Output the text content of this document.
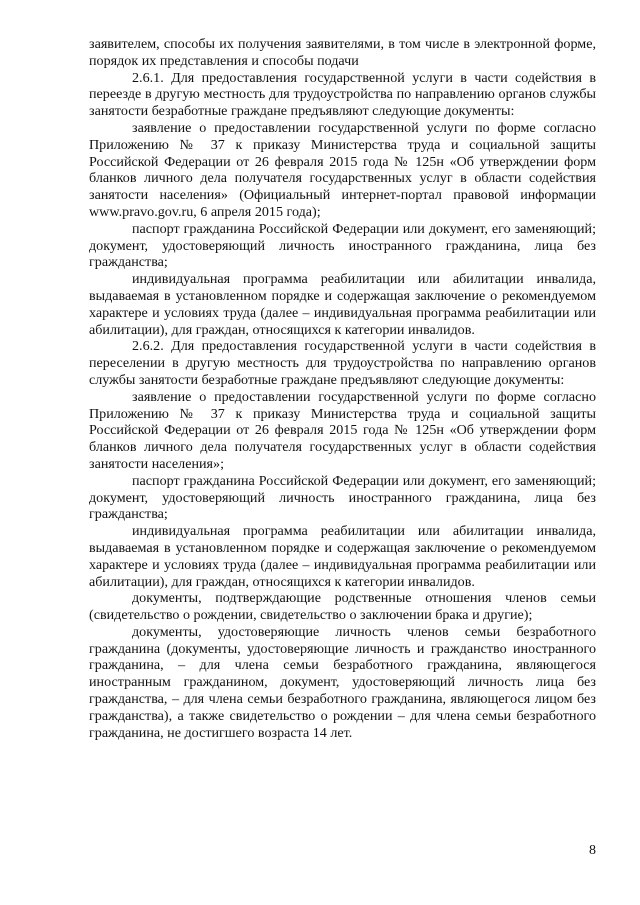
заявителем, способы их получения заявителями, в том числе в электронной форме, порядок их представления и способы подачи

2.6.1. Для предоставления государственной услуги в части содействия в переезде в другую местность для трудоустройства по направлению органов службы занятости безработные граждане предъявляют следующие документы:

заявление о предоставлении государственной услуги по форме согласно Приложению № 37 к приказу Министерства труда и социальной защиты Российской Федерации от 26 февраля 2015 года № 125н «Об утверждении форм бланков личного дела получателя государственных услуг в области содействия занятости населения» (Официальный интернет-портал правовой информации www.pravo.gov.ru, 6 апреля 2015 года);

паспорт гражданина Российской Федерации или документ, его заменяющий; документ, удостоверяющий личность иностранного гражданина, лица без гражданства;

индивидуальная программа реабилитации или абилитации инвалида, выдаваемая в установленном порядке и содержащая заключение о рекомендуемом характере и условиях труда (далее – индивидуальная программа реабилитации или абилитации), для граждан, относящихся к категории инвалидов.

2.6.2. Для предоставления государственной услуги в части содействия в переселении в другую местность для трудоустройства по направлению органов службы занятости безработные граждане предъявляют следующие документы:

заявление о предоставлении государственной услуги по форме согласно Приложению № 37 к приказу Министерства труда и социальной защиты Российской Федерации от 26 февраля 2015 года № 125н «Об утверждении форм бланков личного дела получателя государственных услуг в области содействия занятости населения»;

паспорт гражданина Российской Федерации или документ, его заменяющий; документ, удостоверяющий личность иностранного гражданина, лица без гражданства;

индивидуальная программа реабилитации или абилитации инвалида, выдаваемая в установленном порядке и содержащая заключение о рекомендуемом характере и условиях труда (далее – индивидуальная программа реабилитации или абилитации), для граждан, относящихся к категории инвалидов.

документы, подтверждающие родственные отношения членов семьи (свидетельство о рождении, свидетельство о заключении брака и другие);

документы, удостоверяющие личность членов семьи безработного гражданина (документы, удостоверяющие личность и гражданство иностранного гражданина, – для члена семьи безработного гражданина, являющегося иностранным гражданином, документ, удостоверяющий личность лица без гражданства, – для члена семьи безработного гражданина, являющегося лицом без гражданства), а также свидетельство о рождении – для члена семьи безработного гражданина, не достигшего возраста 14 лет.

8
